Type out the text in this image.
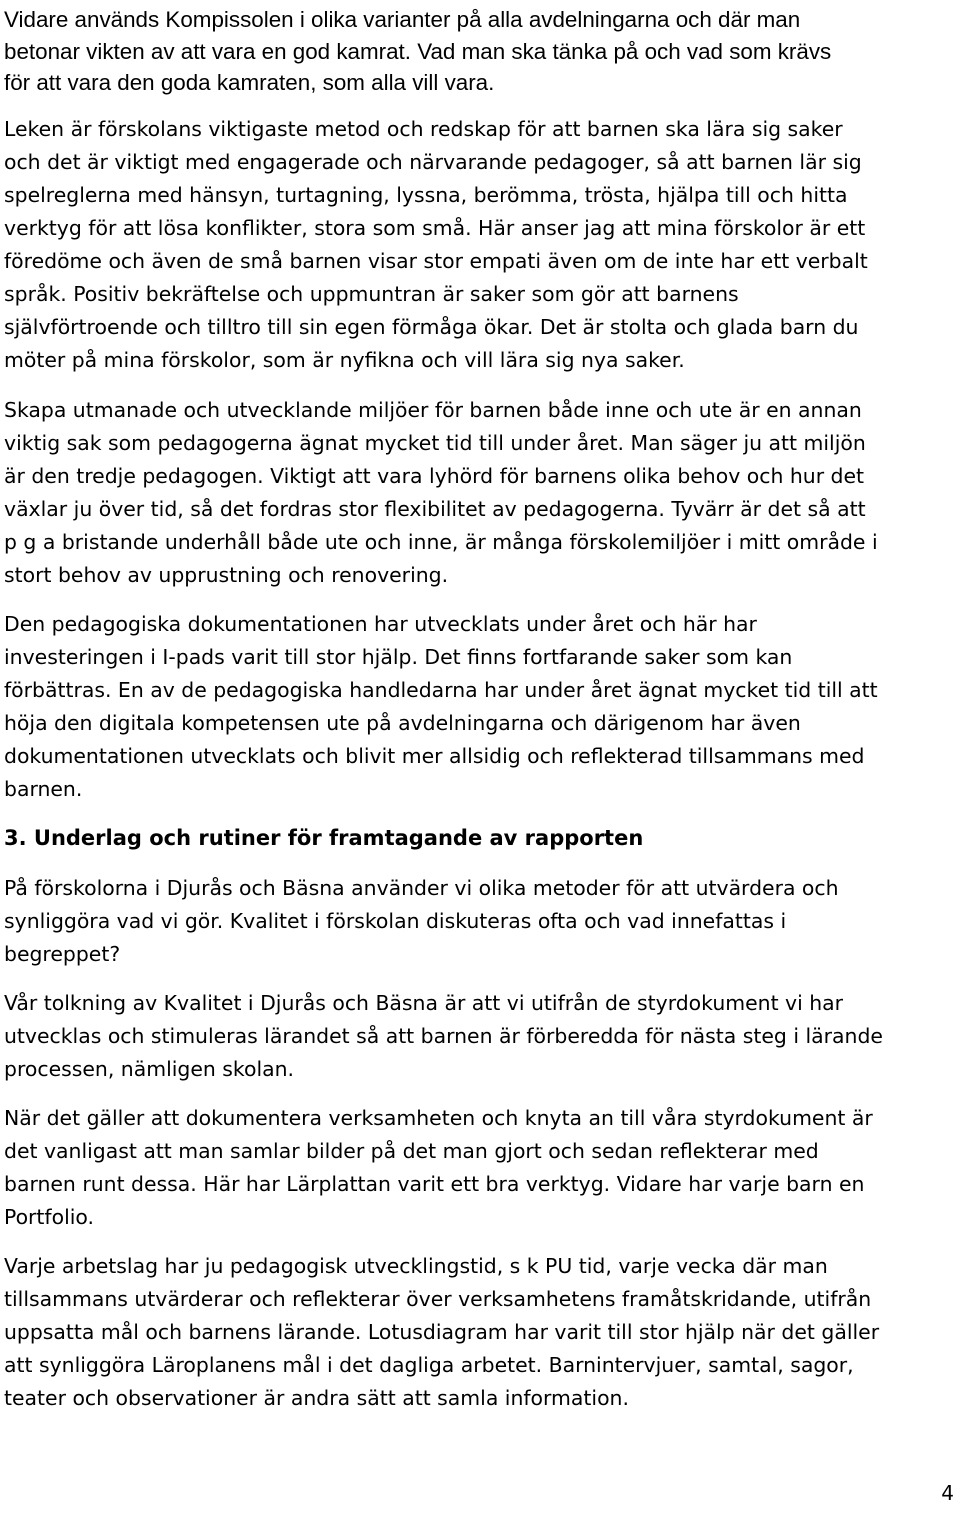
Vidare används Kompissolen i olika varianter på alla avdelningarna och där man
betonar vikten av att vara en god kamrat. Vad man ska tänka på och vad som krävs
för att vara den goda kamraten, som alla vill vara.
Leken är förskolans viktigaste metod och redskap för att barnen ska lära sig saker
och det är viktigt med engagerade och närvarande pedagoger, så att barnen lär sig
spelreglerna med hänsyn, turtagning, lyssna, berömma, trösta, hjälpa till och hitta
verktyg för att lösa konflikter, stora som små. Här anser jag att mina förskolor är ett
föredöme och även de små barnen visar stor empati även om de inte har ett verbalt
språk. Positiv bekräftelse och uppmuntran är saker som gör att barnens
självförtroende och tilltro till sin egen förmåga ökar. Det är stolta och glada barn du
möter på mina förskolor, som är nyfikna och vill lära sig nya saker.
Skapa utmanade och utvecklande miljöer för barnen både inne och ute är en annan
viktig sak som pedagogerna ägnat mycket tid till under året. Man säger ju att miljön
är den tredje pedagogen. Viktigt att vara lyhörd för barnens olika behov och hur det
växlar ju över tid, så det fordras stor flexibilitet av pedagogerna. Tyvärr är det så att
p g a bristande underhåll både ute och inne, är många förskolemiljöer i mitt område i
stort behov av upprustning och renovering.
Den pedagogiska dokumentationen har utvecklats under året och här har
investeringen i I-pads varit till stor hjälp. Det finns fortfarande saker som kan
förbättras. En av de pedagogiska handledarna har under året ägnat mycket tid till att
höja den digitala kompetensen ute på avdelningarna och därigenom har även
dokumentationen utvecklats och blivit mer allsidig och reflekterad tillsammans med
barnen.
3. Underlag och rutiner för framtagande av rapporten
På förskolorna i Djurås och Bäsna använder vi olika metoder för att utvärdera och
synliggöra vad vi gör. Kvalitet i förskolan diskuteras ofta och vad innefattas i
begreppet?
Vår tolkning av Kvalitet i Djurås och Bäsna är att vi utifrån de styrdokument vi har
utvecklas och stimuleras lärandet så att barnen är förberedda för nästa steg i lärande
processen, nämligen skolan.
När det gäller att dokumentera verksamheten och knyta an till våra styrdokument är
det vanligast att man samlar bilder på det man gjort och sedan reflekterar med
barnen runt dessa. Här har Lärplattan varit ett bra verktyg. Vidare har varje barn en
Portfolio.
Varje arbetslag har ju pedagogisk utvecklingstid, s k PU tid, varje vecka där man
tillsammans utvärderar och reflekterar över verksamhetens framåtskridande, utifrån
uppsatta mål och barnens lärande. Lotusdiagram har varit till stor hjälp när det gäller
att synliggöra Läroplanens mål i det dagliga arbetet. Barnintervjuer, samtal, sagor,
teater och observationer är andra sätt att samla information.
4
